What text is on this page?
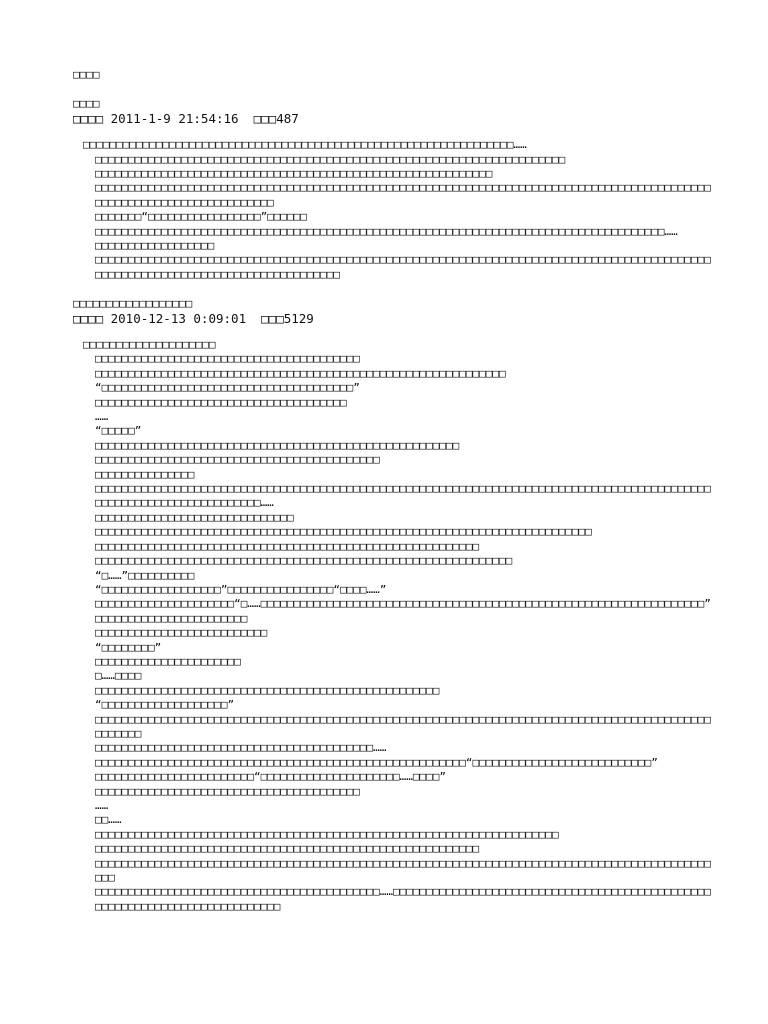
□□□□
□□□□
□□□□ 2011-1-9 21:54:16  □□□487
□□□□□□□□□□□□□□□□□□□□□□□□□□□□□□□□□□□□□□□□□□□□□□□□□□□□□□□□□□□□□□□□□……
□□□□□□□□□□□□□□□□□□□□□□□□□□□□□□□□□□□□□□□□□□□□□□□□□□□□□□□□□□□□□□□□□□□□□□□
□□□□□□□□□□□□□□□□□□□□□□□□□□□□□□□□□□□□□□□□□□□□□□□□□□□□□□□□□□□□
□□□□□□□□□□□□□□□□□□□□□□□□□□□□□□□□□□□□□□□□□□□□□□□□□□□□□□□□□□□□□□□□□□□□□□□□□□□□□□□□□□□□□□□□□□□□□□□□□□□□□□□□□□□□□□□□□□□□□□□□
□□□□□□□“□□□□□□□□□□□□□□□□□”□□□□□□
□□□□□□□□□□□□□□□□□□□□□□□□□□□□□□□□□□□□□□□□□□□□□□□□□□□□□□□□□□□□□□□□□□□□□□□□□□□□□□□□□□□□□□……
□□□□□□□□□□□□□□□□□□
□□□□□□□□□□□□□□□□□□□□□□□□□□□□□□□□□□□□□□□□□□□□□□□□□□□□□□□□□□□□□□□□□□□□□□□□□□□□□□□□□□□□□□□□□□□□□□□□□□□□□□□□□□□□□□□□□□□□□□□□□□□□□□□□□□
□□□□□□□□□□□□□□□□□□
□□□□ 2010-12-13 0:09:01  □□□5129
□□□□□□□□□□□□□□□□□□□□
□□□□□□□□□□□□□□□□□□□□□□□□□□□□□□□□□□□□□□□□
□□□□□□□□□□□□□□□□□□□□□□□□□□□□□□□□□□□□□□□□□□□□□□□□□□□□□□□□□□□□□□
“□□□□□□□□□□□□□□□□□□□□□□□□□□□□□□□□□□□□□□”
□□□□□□□□□□□□□□□□□□□□□□□□□□□□□□□□□□□□□□
……
“□□□□□”
□□□□□□□□□□□□□□□□□□□□□□□□□□□□□□□□□□□□□□□□□□□□□□□□□□□□□□□
□□□□□□□□□□□□□□□□□□□□□□□□□□□□□□□□□□□□□□□□□□□
□□□□□□□□□□□□□□□
□□□□□□□□□□□□□□□□□□□□□□□□□□□□□□□□□□□□□□□□□□□□□□□□□□□□□□□□□□□□□□□□□□□□□□□□□□□□□□□□□□□□□□□□□□□□□□□□□□□□□□□□□□□□□□□□□□□□□□……
□□□□□□□□□□□□□□□□□□□□□□□□□□□□□□
□□□□□□□□□□□□□□□□□□□□□□□□□□□□□□□□□□□□□□□□□□□□□□□□□□□□□□□□□□□□□□□□□□□□□□□□□□□
□□□□□□□□□□□□□□□□□□□□□□□□□□□□□□□□□□□□□□□□□□□□□□□□□□□□□□□□□□
□□□□□□□□□□□□□□□□□□□□□□□□□□□□□□□□□□□□□□□□□□□□□□□□□□□□□□□□□□□□□□□
“□……”□□□□□□□□□□
“□□□□□□□□□□□□□□□□□□”□□□□□□□□□□□□□□□□“□□□□……”
□□□□□□□□□□□□□□□□□□□□□“□……□□□□□□□□□□□□□□□□□□□□□□□□□□□□□□□□□□□□□□□□□□□□□□□□□□□□□□□□□□□□□□□□□□□”
□□□□□□□□□□□□□□□□□□□□□□□
□□□□□□□□□□□□□□□□□□□□□□□□□□
“□□□□□□□□”
□□□□□□□□□□□□□□□□□□□□□□
□……□□□□
□□□□□□□□□□□□□□□□□□□□□□□□□□□□□□□□□□□□□□□□□□□□□□□□□□□□
“□□□□□□□□□□□□□□□□□□□”
□□□□□□□□□□□□□□□□□□□□□□□□□□□□□□□□□□□□□□□□□□□□□□□□□□□□□□□□□□□□□□□□□□□□□□□□□□□□□□□□□□□□□□□□□□□□□□□□□□□□
□□□□□□□□□□□□□□□□□□□□□□□□□□□□□□□□□□□□□□□□□□……
□□□□□□□□□□□□□□□□□□□□□□□□□□□□□□□□□□□□□□□□□□□□□□□□□□□□□□□□“□□□□□□□□□□□□□□□□□□□□□□□□□□□”
□□□□□□□□□□□□□□□□□□□□□□□□“□□□□□□□□□□□□□□□□□□□□□……□□□□”
□□□□□□□□□□□□□□□□□□□□□□□□□□□□□□□□□□□□□□□□
……
□□……
□□□□□□□□□□□□□□□□□□□□□□□□□□□□□□□□□□□□□□□□□□□□□□□□□□□□□□□□□□□□□□□□□□□□□□
□□□□□□□□□□□□□□□□□□□□□□□□□□□□□□□□□□□□□□□□□□□□□□□□□□□□□□□□□□
□□□□□□□□□□□□□□□□□□□□□□□□□□□□□□□□□□□□□□□□□□□□□□□□□□□□□□□□□□□□□□□□□□□□□□□□□□□□□□□□□□□□□□□□□□□□□□□□
□□□□□□□□□□□□□□□□□□□□□□□□□□□□□□□□□□□□□□□□□□□……□□□□□□□□□□□□□□□□□□□□□□□□□□□□□□□□□□□□□□□□□□□□□□□□□□□□□□□□□□□□□□□□□□□□□□□□□□□□
